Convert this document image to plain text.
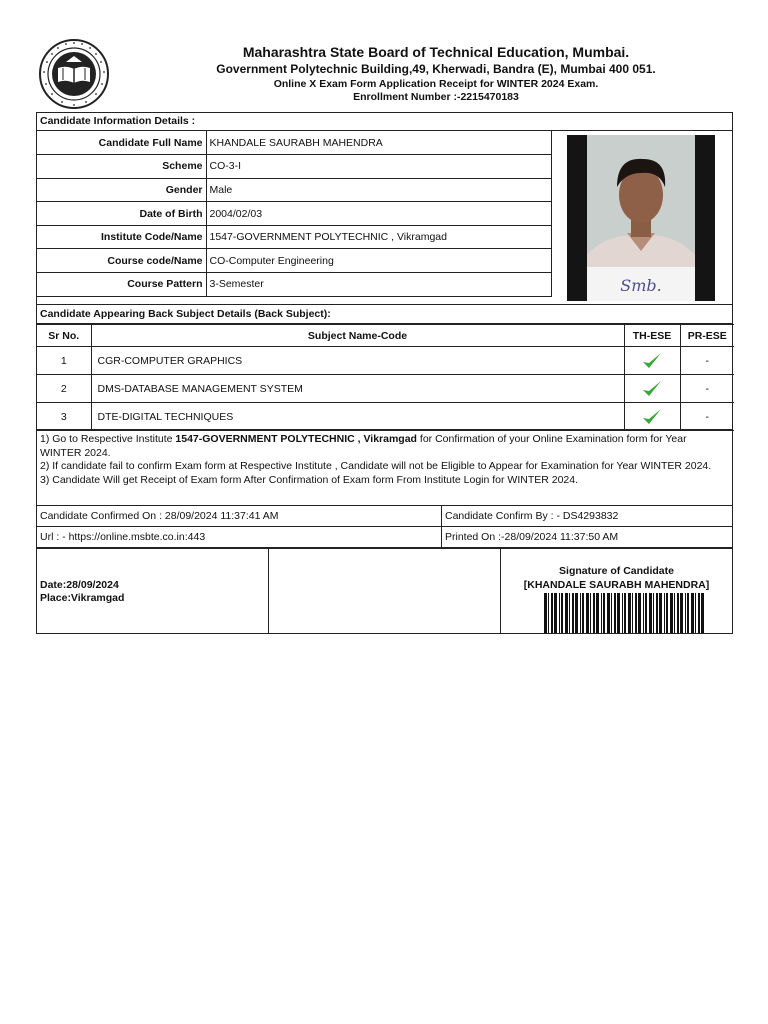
Maharashtra State Board of Technical Education, Mumbai.
Government Polytechnic Building,49, Kherwadi, Bandra (E), Mumbai 400 051.
Online X Exam Form Application Receipt for WINTER 2024 Exam.
Enrollment Number :-2215470183
Candidate Information Details :
Candidate Full Name	KHANDALE SAURABH MAHENDRA
Scheme	CO-3-I
Gender	Male
Date of Birth	2004/02/03
Institute Code/Name	1547-GOVERNMENT POLYTECHNIC , Vikramgad
Course code/Name	CO-Computer Engineering
Course Pattern	3-Semester	Smb.
Candidate Appearing Back Subject Details (Back Subject):
Sr No.	Subject Name-Code	TH-ESE	PR-ESE
1	CGR-COMPUTER GRAPHICS		-
2	DMS-DATABASE MANAGEMENT SYSTEM		-
3	DTE-DIGITAL TECHNIQUES		-

1) Go to Respective Institute 1547-GOVERNMENT POLYTECHNIC , Vikramgad for Confirmation of your Online Examination form for Year WINTER 2024.

2) If candidate fail to confirm Exam form at Respective Institute , Candidate will not be Eligible to Appear for Examination for Year WINTER 2024.

3) Candidate Will get Receipt of Exam form After Confirmation of Exam form From Institute Login for WINTER 2024.

Candidate Confirmed On : 28/09/2024 11:37:41 AM	Candidate Confirm By : - DS4293832
Url : - https://online.msbte.co.in:443	Printed On :-28/09/2024 11:37:50 AM
Date:28/09/2024
Place:Vikramgad
Signature of Candidate
[KHANDALE SAURABH MAHENDRA]
